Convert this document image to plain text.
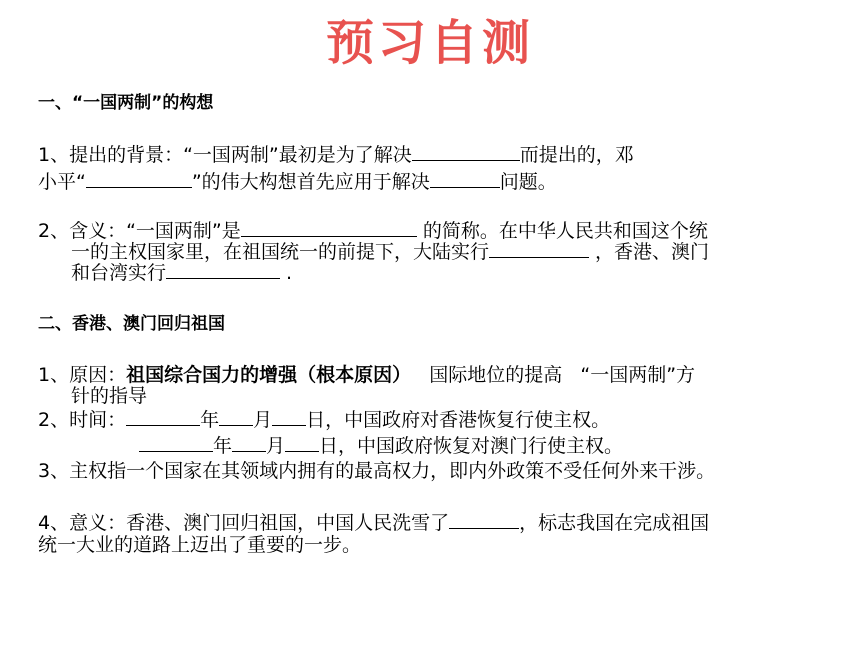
预习自测
一、“一国两制”的构想
1、提出的背景：“一国两制”最初是为了解决	而提出的，邓
小平“	”的伟大构想首先应用于解决	问题。
2、含义：“一国两制”是	的简称。在中华人民共和国这个统
一的主权国家里，在祖国统一的前提下，大陆实行	，香港、澳门
和台湾实行	.
二、香港、澳门回归祖国
1、原因：祖国综合国力的增强（根本原因）   国际地位的提高   “一国两制”方
针的指导
2、时间：	年 月 日，中国政府对香港恢复行使主权。
年 月 日，中国政府恢复对澳门行使主权。
3、主权指一个国家在其领域内拥有的最高权力，即内外政策不受任何外来干涉。
4、意义：香港、澳门回归祖国，中国人民洗雪了	，标志我国在完成祖国
统一大业的道路上迈出了重要的一步。
